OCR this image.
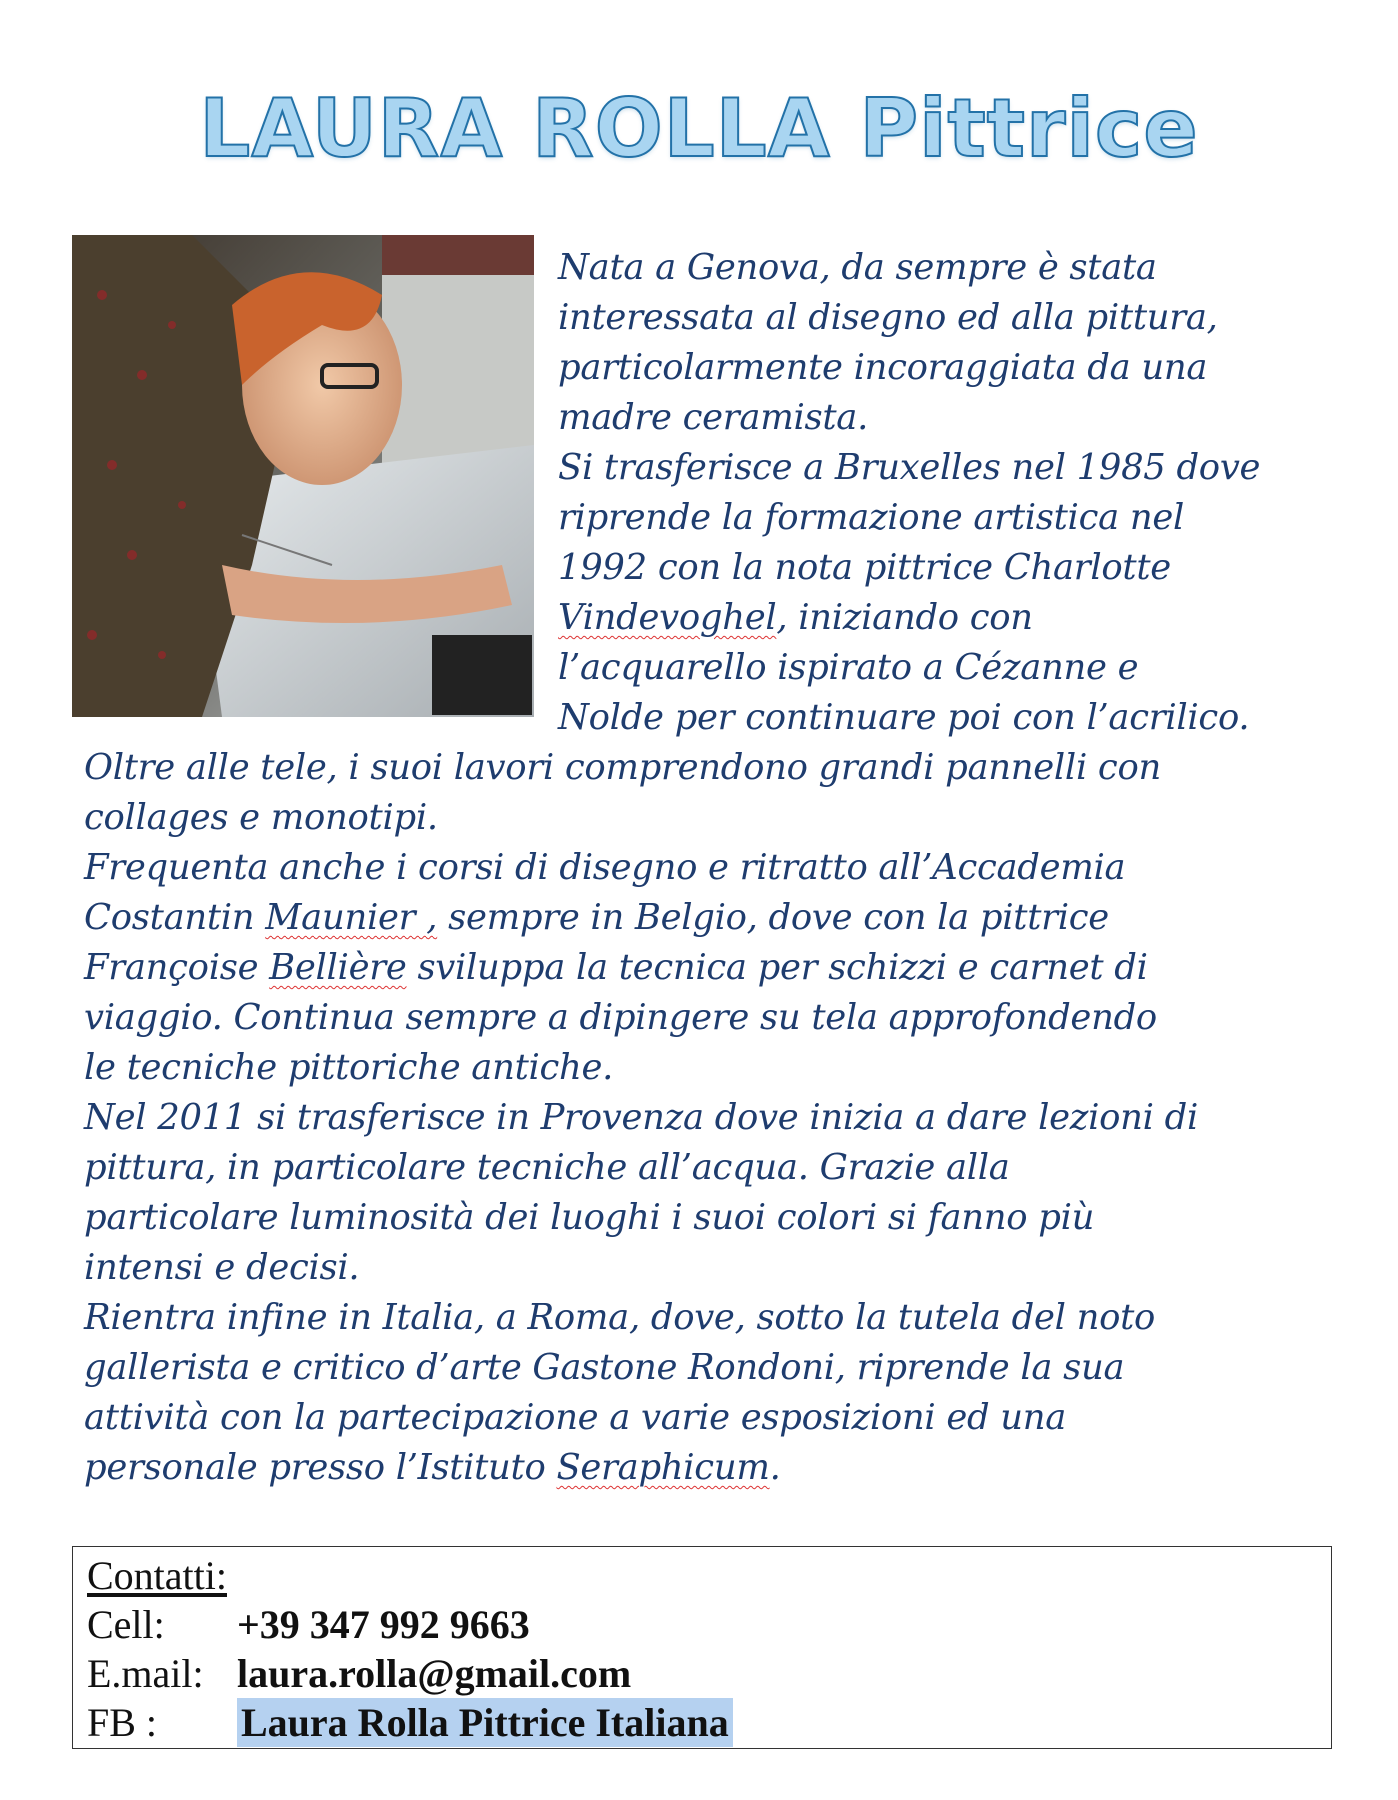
LAURA ROLLA Pittrice
Nata a Genova, da sempre è stata
interessata al disegno ed alla pittura,
particolarmente incoraggiata da una
madre ceramista.
Si trasferisce a Bruxelles nel 1985 dove
riprende la formazione artistica nel
1992 con la nota pittrice Charlotte
Vindevoghel, iniziando con
l’acquarello ispirato a Cézanne e
Nolde per continuare poi con l’acrilico.
Oltre alle tele, i suoi lavori comprendono grandi pannelli con
collages e monotipi.
Frequenta anche i corsi di disegno e ritratto all’Accademia
Costantin Maunier , sempre in Belgio, dove con la pittrice
Françoise Bellière sviluppa la tecnica per schizzi e carnet di
viaggio. Continua sempre a dipingere su tela approfondendo
le tecniche pittoriche antiche.
Nel 2011 si trasferisce in Provenza dove inizia a dare lezioni di
pittura, in particolare tecniche all’acqua. Grazie alla
particolare luminosità dei luoghi i suoi colori si fanno più
intensi e decisi.
Rientra infine in Italia, a Roma, dove, sotto la tutela del noto
gallerista e critico d’arte Gastone Rondoni, riprende la sua
attività con la partecipazione a varie esposizioni ed una
personale presso l’Istituto Seraphicum.
Contatti:
Cell: +39 347 992 9663
E.mail: laura.rolla@gmail.com
FB : Laura Rolla Pittrice Italiana
